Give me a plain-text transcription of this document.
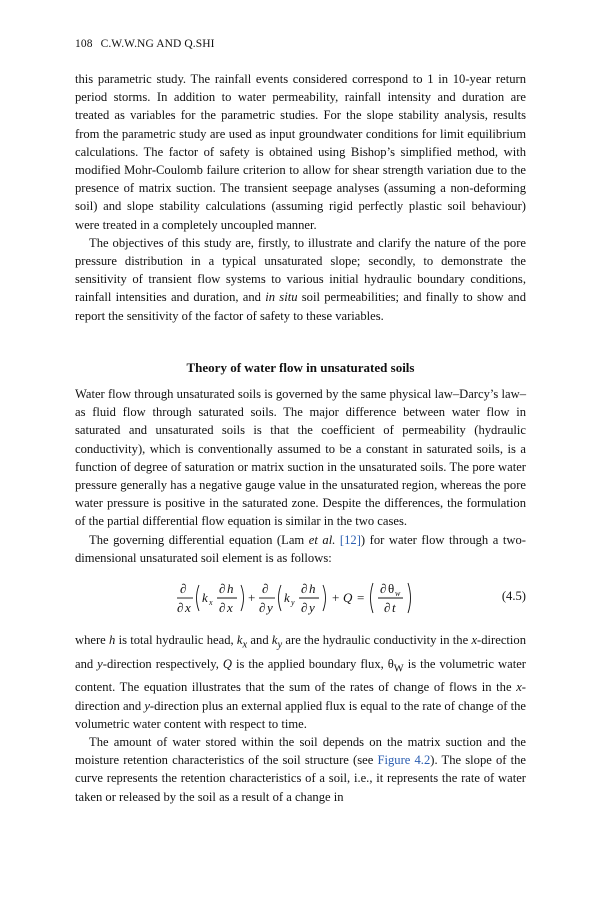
108 C.W.W.NG AND Q.SHI

this parametric study. The rainfall events considered correspond to 1 in 10-year return period storms. In addition to water permeability, rainfall intensity and duration are treated as variables for the parametric studies. For the slope stability analysis, results from the parametric study are used as input groundwater conditions for limit equilibrium calculations. The factor of safety is obtained using Bishop’s simplified method, with modified Mohr-Coulomb failure criterion to allow for shear strength variation due to the presence of matrix suction. The transient seepage analyses (assuming a non-deforming soil) and slope stability calculations (assuming rigid perfectly plastic soil behaviour) were treated in a completely uncoupled manner.

The objectives of this study are, firstly, to illustrate and clarify the nature of the pore pressure distribution in a typical unsaturated slope; secondly, to demonstrate the sensitivity of transient flow systems to various initial hydraulic boundary conditions, rainfall intensities and duration, and in situ soil permeabilities; and finally to show and report the sensitivity of the factor of safety to these variables.

Theory of water flow in unsaturated soils

Water flow through unsaturated soils is governed by the same physical law–Darcy’s law–as fluid flow through saturated soils. The major difference between water flow in saturated and unsaturated soils is that the coefficient of permeability (hydraulic conductivity), which is conventionally assumed to be a constant in saturated soils, is a function of degree of saturation or matrix suction in the unsaturated soils. The pore water pressure generally has a negative gauge value in the unsaturated region, whereas the pore water pressure is positive in the saturated zone. Despite the differences, the formulation of the partial differential flow equation is similar in the two cases.

The governing differential equation (Lam et al. [12]) for water flow through a two-dimensional unsaturated soil element is as follows:

∂
∂ x
k x
∂ h
∂ x
+
∂
∂ y
k y
∂ h
∂ y
+ Q =
∂ θ w
∂ t
(4.5)

where h is total hydraulic head, $k_x$ and $k_y$ are the hydraulic conductivity in the x-direction and y-direction respectively, Q is the applied boundary flux, $\theta_W$ is the volumetric water content. The equation illustrates that the sum of the rates of change of flows in the x-direction and y-direction plus an external applied flux is equal to the rate of change of the volumetric water content with respect to time.

The amount of water stored within the soil depends on the matrix suction and the moisture retention characteristics of the soil structure (see Figure 4.2). The slope of the curve represents the retention characteristics of a soil, i.e., it represents the rate of water taken or released by the soil as a result of a change in
